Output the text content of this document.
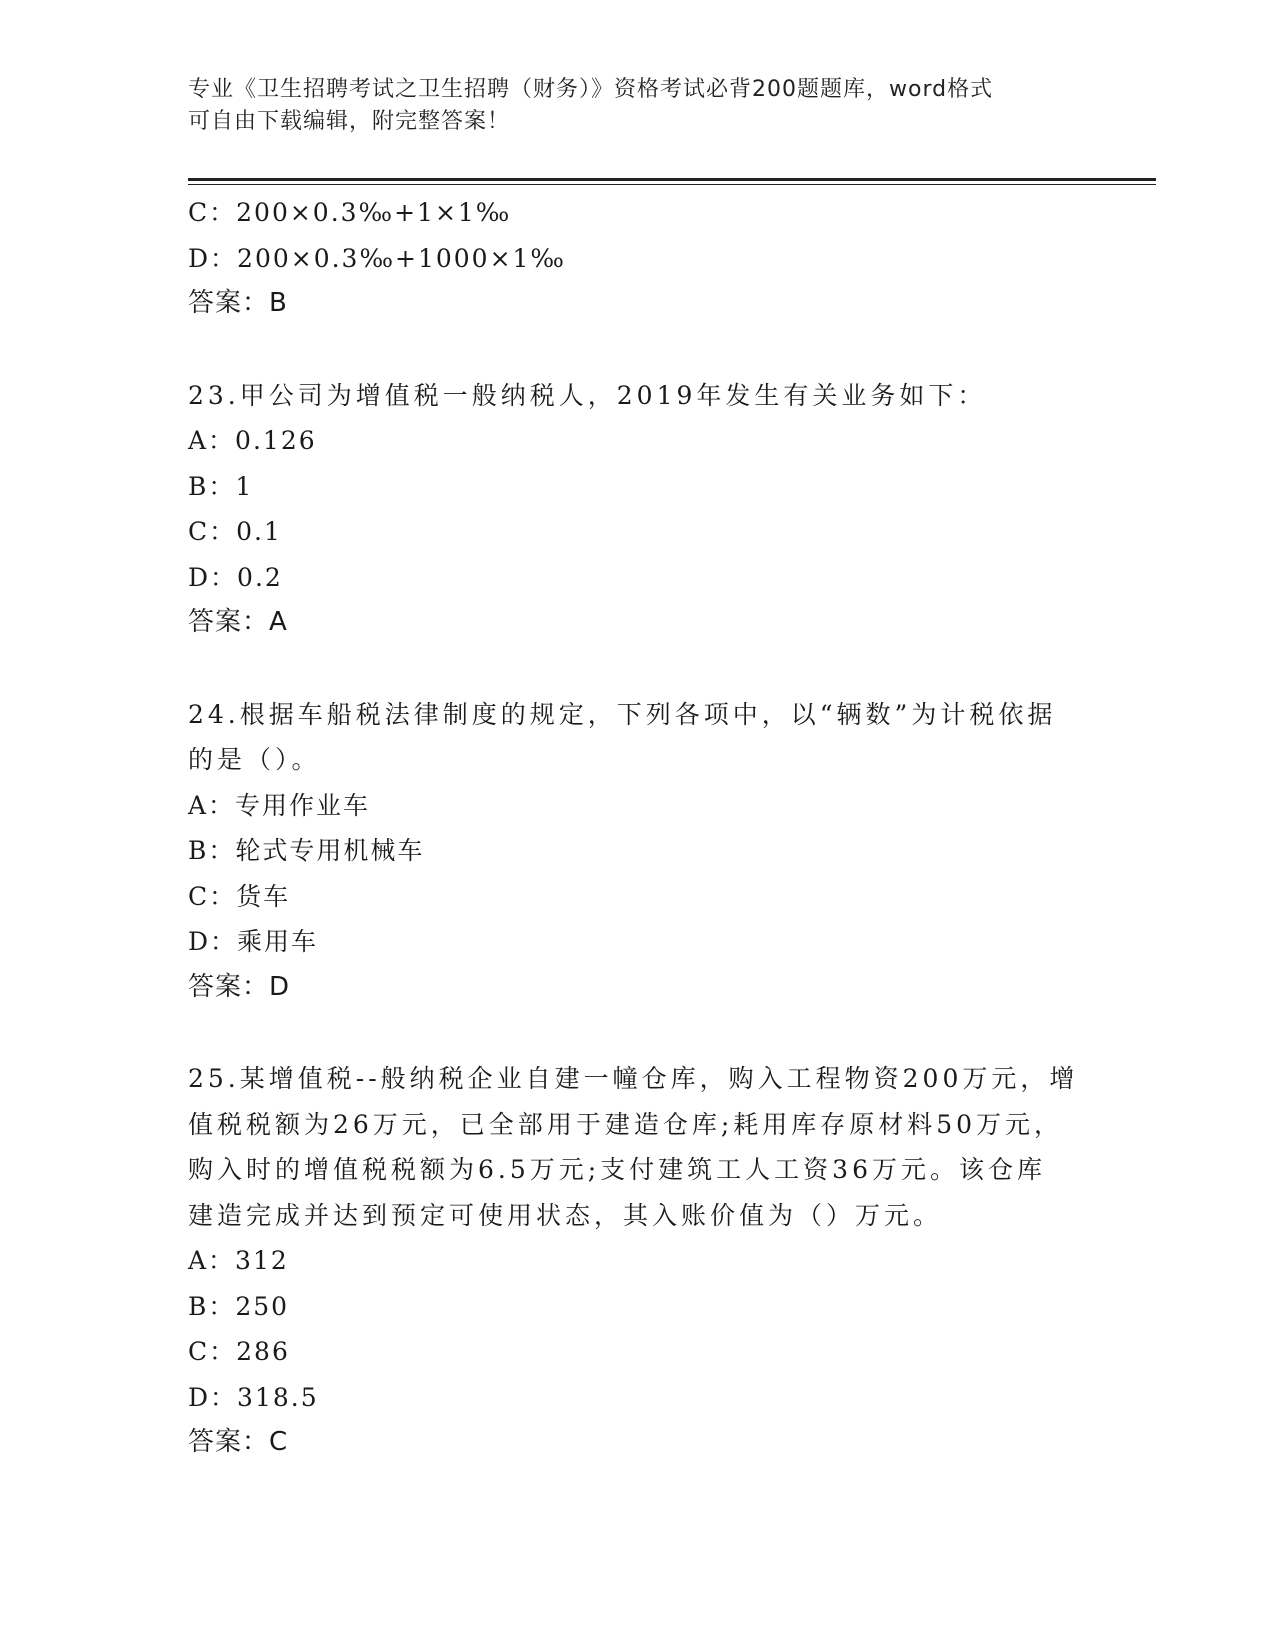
专业《卫生招聘考试之卫生招聘（财务）》资格考试必背200题题库，word格式
可自由下载编辑，附完整答案！
C：200×0.3‰+1×1‰
D：200×0.3‰+1000×1‰
答案：B
23.甲公司为增值税一般纳税人，2019年发生有关业务如下：
A：0.126
B：1
C：0.1
D：0.2
答案：A
24.根据车船税法律制度的规定，下列各项中，以“辆数”为计税依据
的是（）。
A：专用作业车
B：轮式专用机械车
C：货车
D：乘用车
答案：D
25.某增值税--般纳税企业自建一幢仓库，购入工程物资200万元，增
值税税额为26万元，已全部用于建造仓库;耗用库存原材料50万元，
购入时的增值税税额为6.5万元;支付建筑工人工资36万元。该仓库
建造完成并达到预定可使用状态，其入账价值为（）万元。
A：312
B：250
C：286
D：318.5
答案：C
